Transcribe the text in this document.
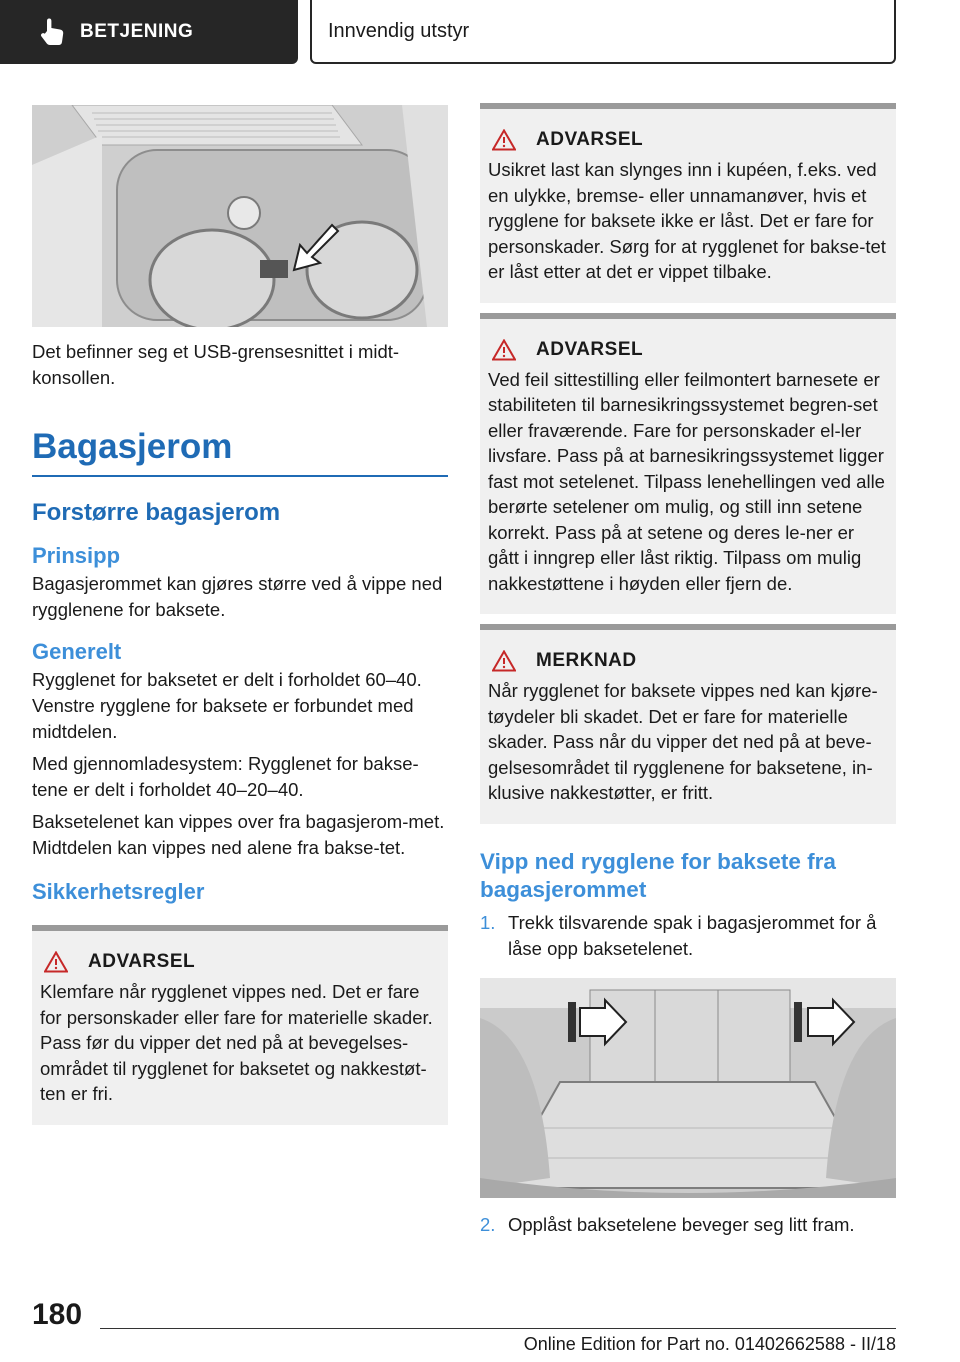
BETJENING	Innvendig utstyr

Det befinner seg et USB-grensesnittet i midt-konsollen.

Bagasjerom
Forstørre bagasjerom
Prinsipp

Bagasjerommet kan gjøres større ved å vippe ned rygglenene for baksete.

Generelt

Rygglenet for baksetet er delt i forholdet 60–40. Venstre rygglene for baksete er forbundet med midtdelen.

Med gjennomladesystem: Rygglenet for bakse-tene er delt i forholdet 40–20–40.

Baksetelenet kan vippes over fra bagasjerom-met. Midtdelen kan vippes ned alene fra bakse-tet.

Sikkerhetsregler
ADVARSEL

Klemfare når rygglenet vippes ned. Det er fare for personskader eller fare for materielle skader. Pass før du vipper det ned på at bevegelses-området til rygglenet for baksetet og nakkestøt-ten er fri.

ADVARSEL

Usikret last kan slynges inn i kupéen, f.eks. ved en ulykke, bremse- eller unnamanøver, hvis et rygglene for baksete ikke er låst. Det er fare for personskader. Sørg for at rygglenet for bakse-tet er låst etter at det er vippet tilbake.

ADVARSEL

Ved feil sittestilling eller feilmontert barnesete er stabiliteten til barnesikringssystemet begren-set eller fraværende. Fare for personskader el-ler livsfare. Pass på at barnesikringssystemet ligger fast mot setelenet. Tilpass lenehellingen ved alle berørte setelener om mulig, og still inn setene korrekt. Pass på at setene og deres le-ner er gått i inngrep eller låst riktig. Tilpass om mulig nakkestøttene i høyden eller fjern de.

MERKNAD

Når rygglenet for baksete vippes ned kan kjøre-tøydeler bli skadet. Det er fare for materielle skader. Pass når du vipper det ned på at beve-gelsesområdet til rygglenene for baksetene, in-klusive nakkestøtter, er fritt.

Vipp ned rygglene for baksete fra bagasjerommet
1. Trekk tilsvarende spak i bagasjerommet for å låse opp baksetelenet.
2. Opplåst baksetelene beveger seg litt fram.
180
Online Edition for Part no. 01402662588 - II/18
